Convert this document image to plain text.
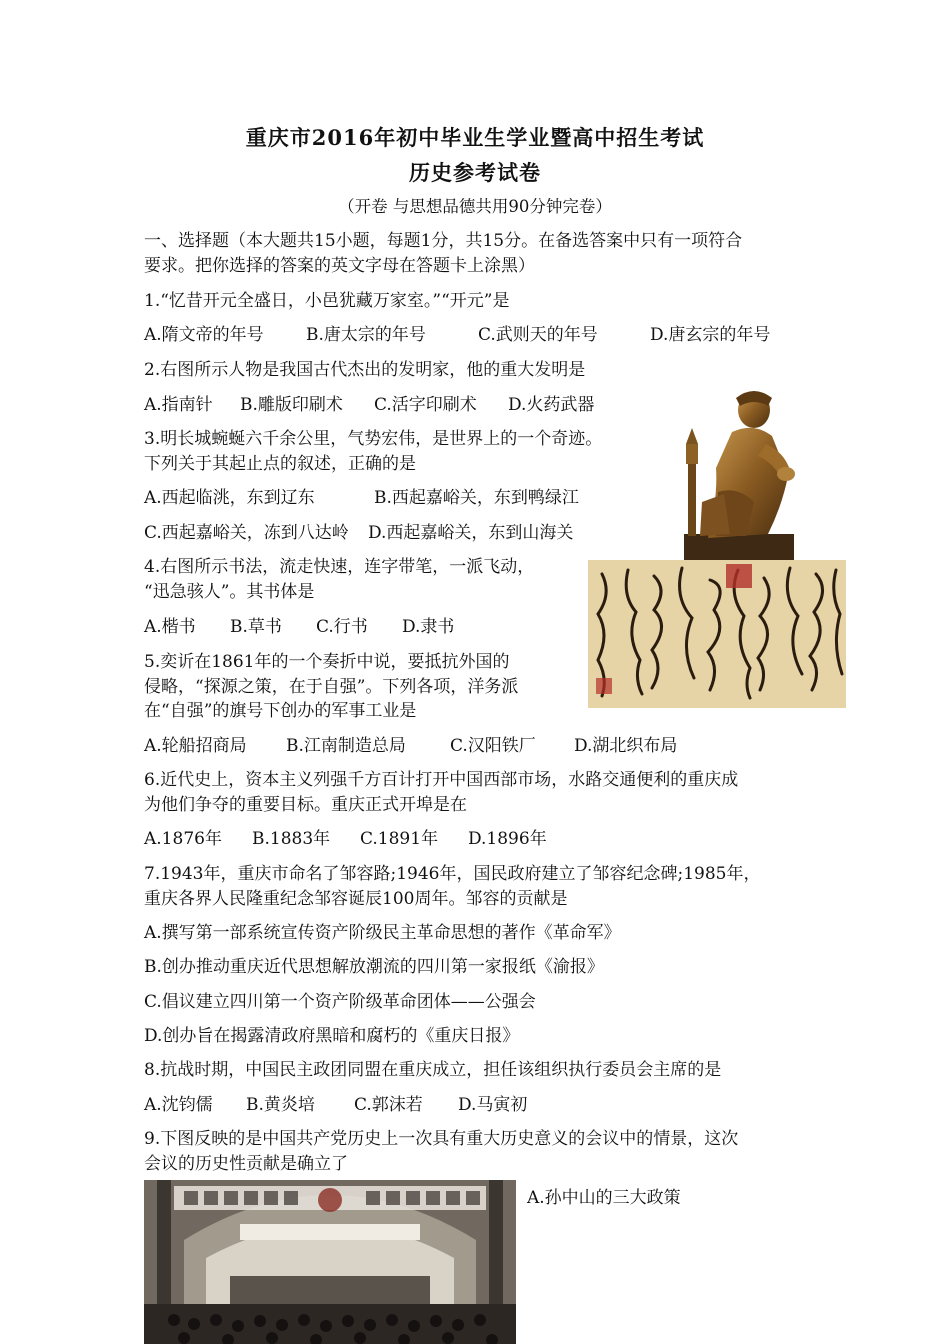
重庆市2016年初中毕业生学业暨高中招生考试
历史参考试卷
（开卷 与思想品德共用90分钟完卷）
一、选择题（本大题共15小题，每题1分，共15分。在备选答案中只有一项符合
要求。把你选择的答案的英文字母在答题卡上涂黑）
1.“忆昔开元全盛日，小邑犹藏万家室。”“开元”是
A.隋文帝的年号 B.唐太宗的年号	C.武则天的年号	D.唐玄宗的年号
2.右图所示人物是我国古代杰出的发明家，他的重大发明是
A.指南针 B.雕版印刷术 C.活字印刷术 D.火药武器
3.明长城蜿蜒六千余公里，气势宏伟，是世界上的一个奇迹。
下列关于其起止点的叙述，正确的是
A.西起临洮，东到辽东	B.西起嘉峪关，东到鸭绿江
C.西起嘉峪关，冻到八达岭 D.西起嘉峪关，东到山海关
4.右图所示书法，流走快速，连字带笔，一派飞动，
“迅急骇人”。其书体是
A.楷书 B.草书 C.行书 D.隶书
5.奕䜣在1861年的一个奏折中说，要抵抗外国的
侵略，“探源之策，在于自强”。下列各项，洋务派
在“自强”的旗号下创办的军事工业是
A.轮船招商局 B.江南制造总局	C.汉阳铁厂 D.湖北织布局
6.近代史上，资本主义列强千方百计打开中国西部市场，水路交通便利的重庆成
为他们争夺的重要目标。重庆正式开埠是在
A.1876年 B.1883年 C.1891年 D.1896年
7.1943年，重庆市命名了邹容路;1946年，国民政府建立了邹容纪念碑;1985年，
重庆各界人民隆重纪念邹容诞辰100周年。邹容的贡献是
A.撰写第一部系统宣传资产阶级民主革命思想的著作《革命军》
B.创办推动重庆近代思想解放潮流的四川第一家报纸《渝报》
C.倡议建立四川第一个资产阶级革命团体——公强会
D.创办旨在揭露清政府黑暗和腐朽的《重庆日报》
8.抗战时期，中国民主政团同盟在重庆成立，担任该组织执行委员会主席的是
A.沈钧儒 B.黄炎培 C.郭沫若 D.马寅初
9.下图反映的是中国共产党历史上一次具有重大历史意义的会议中的情景，这次
会议的历史性贡献是确立了
A.孙中山的三大政策
